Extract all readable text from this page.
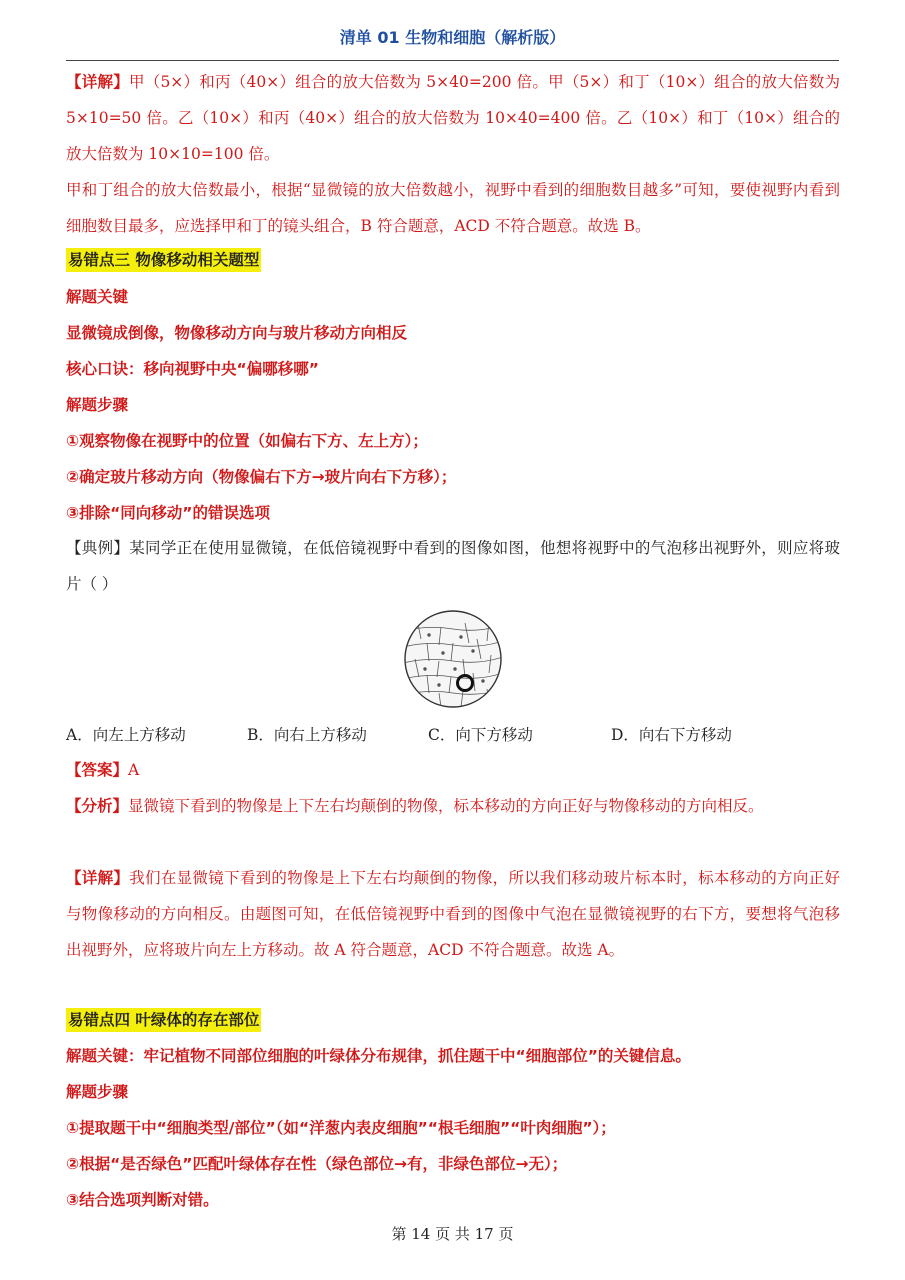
清单 01 生物和细胞（解析版）
【详解】甲（5×）和丙（40×）组合的放大倍数为 5×40=200 倍。甲（5×）和丁（10×）组合的放大倍数为 5×10=50 倍。乙（10×）和丙（40×）组合的放大倍数为 10×40=400 倍。乙（10×）和丁（10×）组合的放大倍数为 10×10=100 倍。
甲和丁组合的放大倍数最小，根据“显微镜的放大倍数越小，视野中看到的细胞数目越多”可知，要使视野内看到细胞数目最多，应选择甲和丁的镜头组合，B 符合题意，ACD 不符合题意。故选 B。
易错点三 物像移动相关题型
解题关键
显微镜成倒像，物像移动方向与玻片移动方向相反
核心口诀：移向视野中央“偏哪移哪”
解题步骤
①观察物像在视野中的位置（如偏右下方、左上方）；
②确定玻片移动方向（物像偏右下方→玻片向右下方移）；
③排除“同向移动”的错误选项
【典例】某同学正在使用显微镜，在低倍镜视野中看到的图像如图，他想将视野中的气泡移出视野外，则应将玻片（ ）
A．向左上方移动	B．向右上方移动	C．向下方移动	D．向右下方移动
【答案】A
【分析】显微镜下看到的物像是上下左右均颠倒的物像，标本移动的方向正好与物像移动的方向相反。
【详解】我们在显微镜下看到的物像是上下左右均颠倒的物像，所以我们移动玻片标本时，标本移动的方向正好与物像移动的方向相反。由题图可知，在低倍镜视野中看到的图像中气泡在显微镜视野的右下方，要想将气泡移出视野外，应将玻片向左上方移动。故 A 符合题意，ACD 不符合题意。故选 A。
易错点四 叶绿体的存在部位
解题关键：牢记植物不同部位细胞的叶绿体分布规律，抓住题干中“细胞部位”的关键信息。
解题步骤
①提取题干中“细胞类型/部位”（如“洋葱内表皮细胞”“根毛细胞”“叶肉细胞”）；
②根据“是否绿色”匹配叶绿体存在性（绿色部位→有，非绿色部位→无）；
③结合选项判断对错。
第 14 页 共 17 页
